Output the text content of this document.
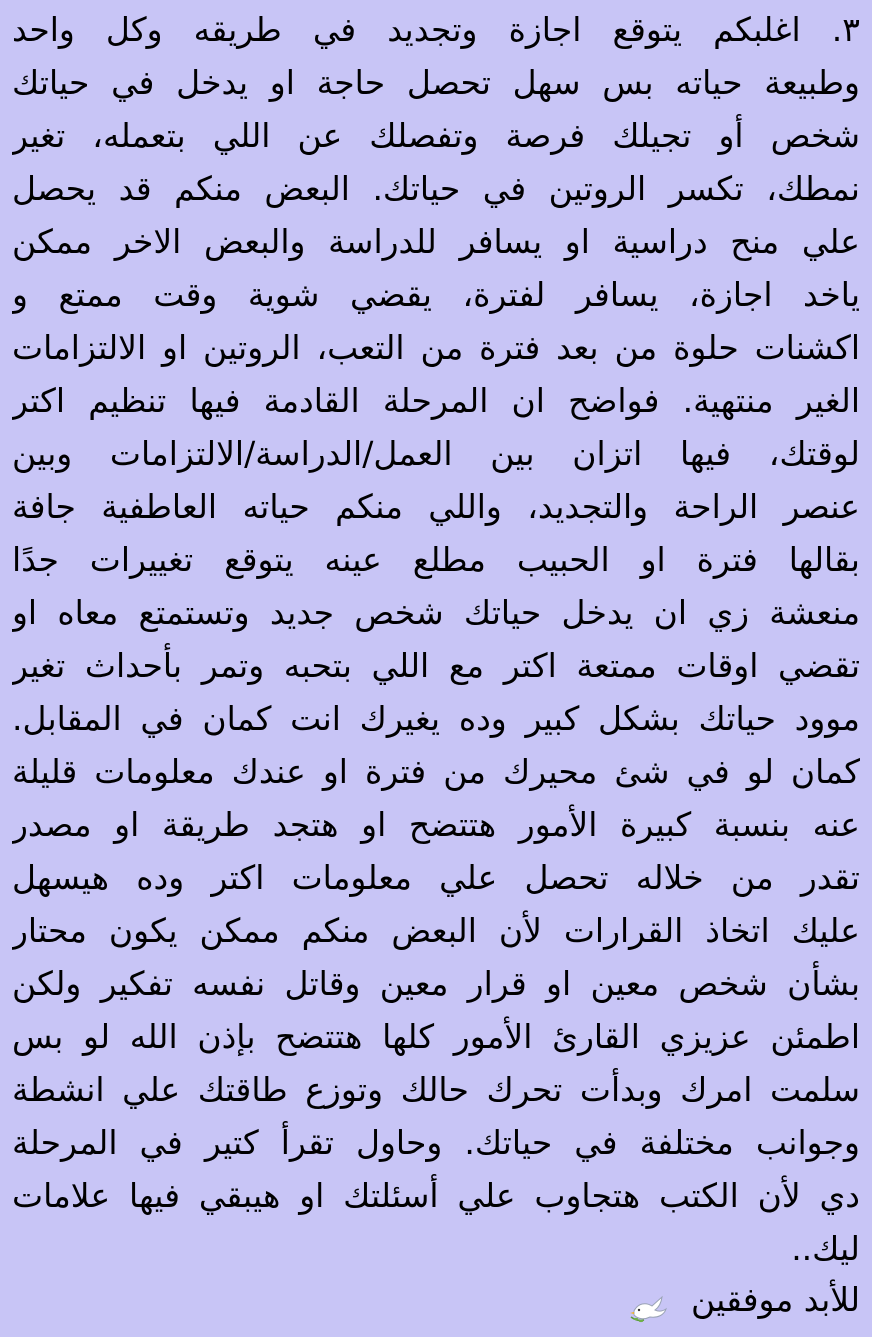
٣. اغلبكم يتوقع اجازة وتجديد في طريقه وكل واحد
وطبيعة حياته بس سهل تحصل حاجة او يدخل في حياتك
شخص أو تجيلك فرصة وتفصلك عن اللي بتعمله، تغير
نمطك، تكسر الروتين في حياتك. البعض منكم قد يحصل
علي منح دراسية او يسافر للدراسة والبعض الاخر ممكن
ياخد اجازة، يسافر لفترة، يقضي شوية وقت ممتع و
اكشنات حلوة من بعد فترة من التعب، الروتين او الالتزامات
الغير منتهية. فواضح ان المرحلة القادمة فيها تنظيم اكتر
لوقتك، فيها اتزان بين العمل/الدراسة/الالتزامات وبين
عنصر الراحة والتجديد، واللي منكم حياته العاطفية جافة
بقالها فترة او الحبيب مطلع عينه يتوقع تغييرات جدًا
منعشة زي ان يدخل حياتك شخص جديد وتستمتع معاه او
تقضي اوقات ممتعة اكتر مع اللي بتحبه وتمر بأحداث تغير
موود حياتك بشكل كبير وده يغيرك انت كمان في المقابل.
كمان لو في شئ محيرك من فترة او عندك معلومات قليلة
عنه بنسبة كبيرة الأمور هتتضح او هتجد طريقة او مصدر
تقدر من خلاله تحصل علي معلومات اكتر وده هيسهل
عليك اتخاذ القرارات لأن البعض منكم ممكن يكون محتار
بشأن شخص معين او قرار معين وقاتل نفسه تفكير ولكن
اطمئن عزيزي القارئ الأمور كلها هتتضح بإذن الله لو بس
سلمت امرك وبدأت تحرك حالك وتوزع طاقتك علي انشطة
وجوانب مختلفة في حياتك. وحاول تقرأ كتير في المرحلة
دي لأن الكتب هتجاوب علي أسئلتك او هيبقي فيها علامات
ليك..
للأبد موفقين
